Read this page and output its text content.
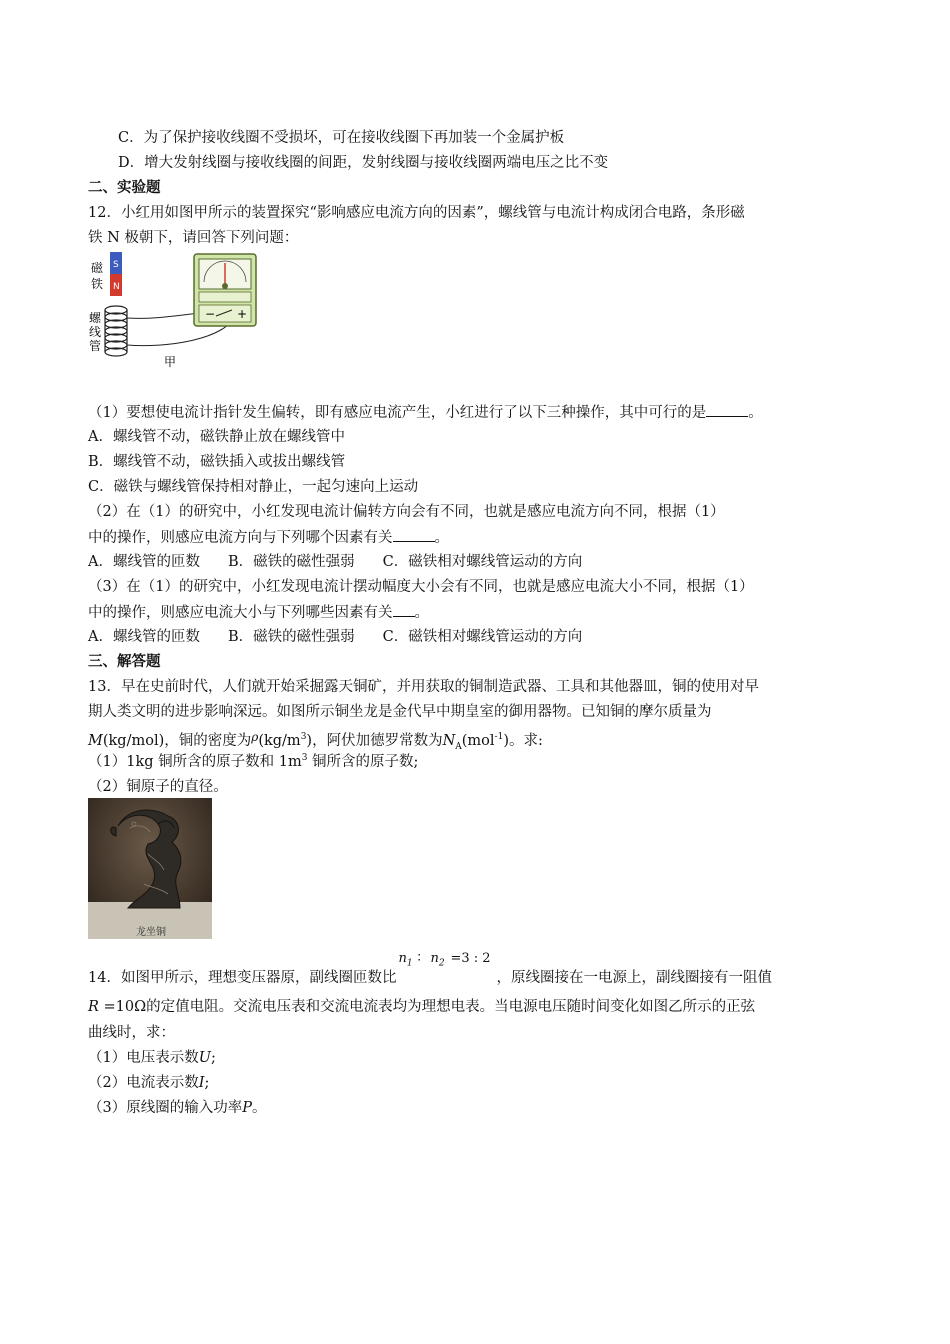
C．为了保护接收线圈不受损坏，可在接收线圈下再加装一个金属护板
D．增大发射线圈与接收线圈的间距，发射线圈与接收线圈两端电压之比不变
二、实验题
12．小红用如图甲所示的装置探究“影响感应电流方向的因素”，螺线管与电流计构成闭合电路，条形磁
铁 N 极朝下，请回答下列问题：
磁
铁
螺
线
管
S
N
− +
甲
（1）要想使电流计指针发生偏转，即有感应电流产生，小红进行了以下三种操作，其中可行的是	。
A．螺线管不动，磁铁静止放在螺线管中
B．螺线管不动，磁铁插入或拔出螺线管
C．磁铁与螺线管保持相对静止，一起匀速向上运动
（2）在（1）的研究中，小红发现电流计偏转方向会有不同，也就是感应电流方向不同，根据（1）
中的操作，则感应电流方向与下列哪个因素有关	。
A．螺线管的匝数 B．磁铁的磁性强弱 C．磁铁相对螺线管运动的方向
（3）在（1）的研究中，小红发现电流计摆动幅度大小会有不同，也就是感应电流大小不同，根据（1）
中的操作，则感应电流大小与下列哪些因素有关 。
A．螺线管的匝数 B．磁铁的磁性强弱 C．磁铁相对螺线管运动的方向
三、解答题
13．早在史前时代，人们就开始采掘露天铜矿，并用获取的铜制造武器、工具和其他器皿，铜的使用对早
期人类文明的进步影响深远。如图所示铜坐龙是金代早中期皇室的御用器物。已知铜的摩尔质量为
M(kg/mol)，铜的密度为$^\rho(kg/m^3)$，阿伏加德罗常数为$N_A(mol^{-1})$。求:
（1）1kg 铜所含的原子数和 $1m^3$ 铜所含的原子数;
（2）铜原子的直径。
龙坐铜
14．如图甲所示，理想变压器原，副线圈匝数比
$n_1$ ∶ $n_2 =3$ : 2
，原线圈接在一电源上，副线圈接有一阻值
R =10Ω的定值电阻。交流电压表和交流电流表均为理想电表。当电源电压随时间变化如图乙所示的正弦
曲线时，求：
（1）电压表示数U;
（2）电流表示数I;
（3）原线圈的输入功率P。
